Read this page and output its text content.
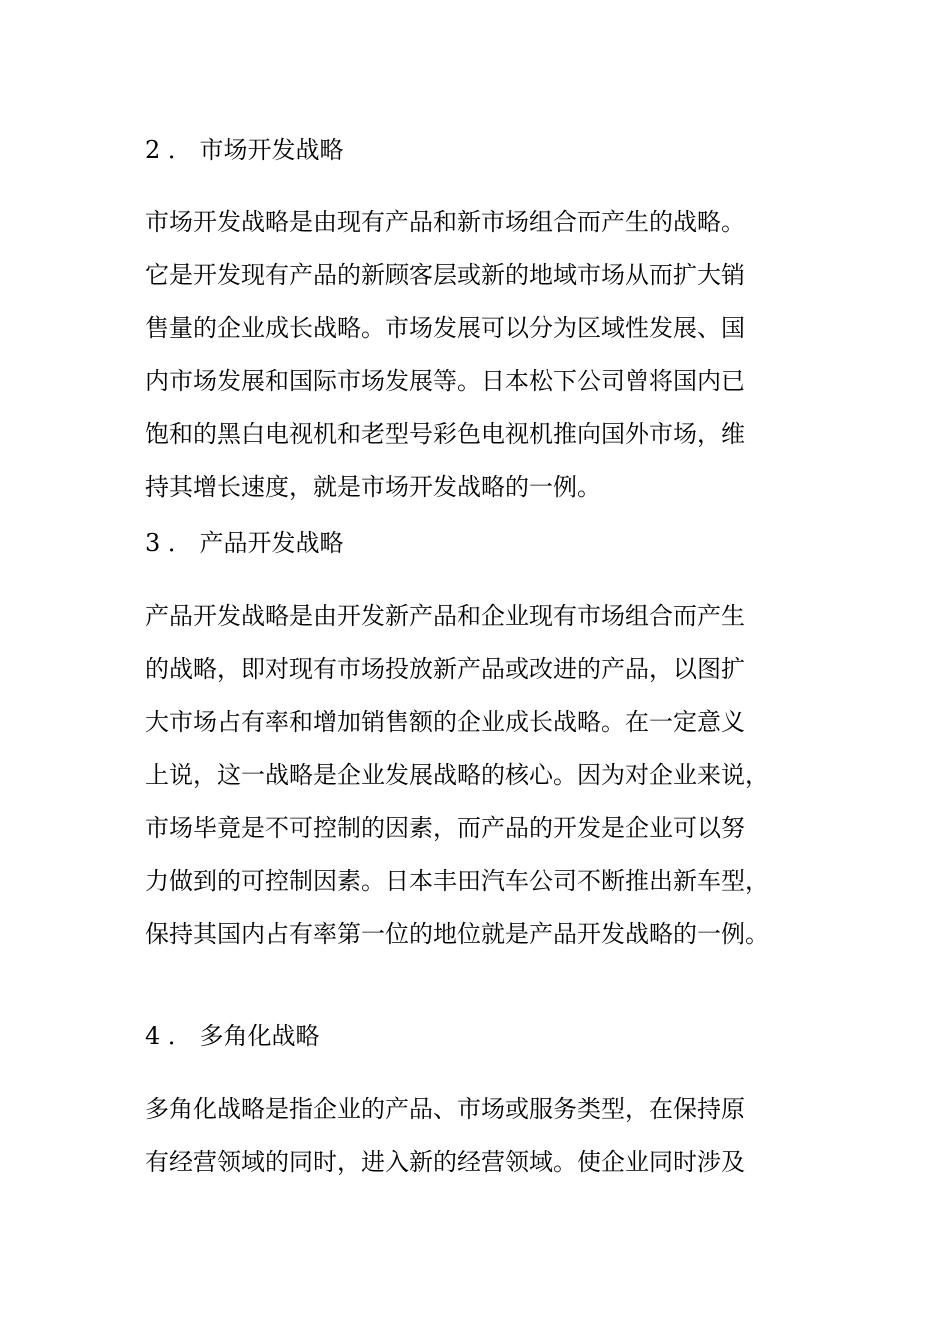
2 ． 市场开发战略
市场开发战略是由现有产品和新市场组合而产生的战略。
它是开发现有产品的新顾客层或新的地域市场从而扩大销
售量的企业成长战略。市场发展可以分为区域性发展、国
内市场发展和国际市场发展等。日本松下公司曾将国内已
饱和的黑白电视机和老型号彩色电视机推向国外市场，维
持其增长速度，就是市场开发战略的一例。
3 ． 产品开发战略
产品开发战略是由开发新产品和企业现有市场组合而产生
的战略，即对现有市场投放新产品或改进的产品，以图扩
大市场占有率和增加销售额的企业成长战略。在一定意义
上说，这一战略是企业发展战略的核心。因为对企业来说，
市场毕竟是不可控制的因素，而产品的开发是企业可以努
力做到的可控制因素。日本丰田汽车公司不断推出新车型，
保持其国内占有率第一位的地位就是产品开发战略的一例。
4 ． 多角化战略
多角化战略是指企业的产品、市场或服务类型，在保持原
有经营领域的同时，进入新的经营领域。使企业同时涉及
